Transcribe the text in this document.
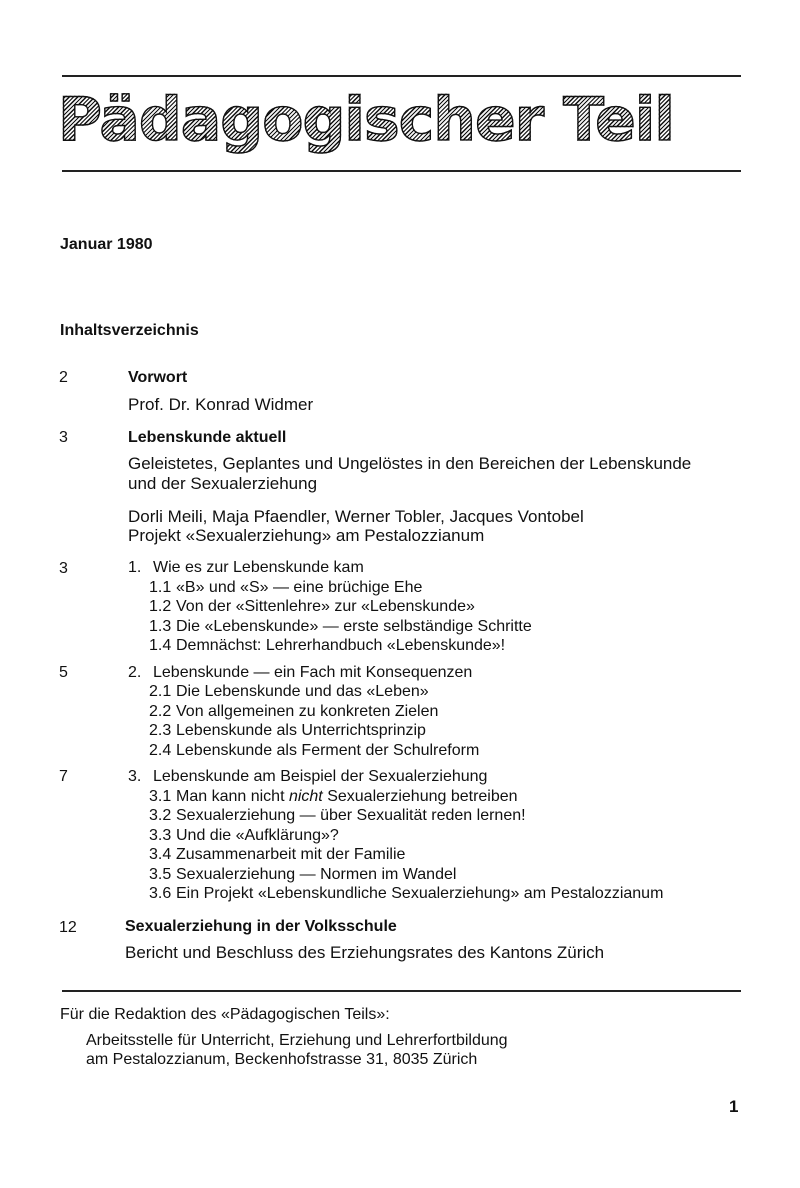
Pädagogischer Teil
Januar 1980
Inhaltsverzeichnis
2	Vorwort
Prof. Dr. Konrad Widmer
3	Lebenskunde aktuell
Geleistetes, Geplantes und Ungelöstes in den Bereichen der Lebenskunde
und der Sexualerziehung
Dorli Meili, Maja Pfaendler, Werner Tobler, Jacques Vontobel
Projekt «Sexualerziehung» am Pestalozzianum
3	1. Wie es zur Lebenskunde kam
1.1 «B» und «S» — eine brüchige Ehe
1.2 Von der «Sittenlehre» zur «Lebenskunde»
1.3 Die «Lebenskunde» — erste selbständige Schritte
1.4 Demnächst: Lehrerhandbuch «Lebenskunde»!
5	2. Lebenskunde — ein Fach mit Konsequenzen
2.1 Die Lebenskunde und das «Leben»
2.2 Von allgemeinen zu konkreten Zielen
2.3 Lebenskunde als Unterrichtsprinzip
2.4 Lebenskunde als Ferment der Schulreform
7	3. Lebenskunde am Beispiel der Sexualerziehung
3.1 Man kann nicht nicht Sexualerziehung betreiben
3.2 Sexualerziehung — über Sexualität reden lernen!
3.3 Und die «Aufklärung»?
3.4 Zusammenarbeit mit der Familie
3.5 Sexualerziehung — Normen im Wandel
3.6 Ein Projekt «Lebenskundliche Sexualerziehung» am Pestalozzianum
12	Sexualerziehung in der Volksschule
Bericht und Beschluss des Erziehungsrates des Kantons Zürich
Für die Redaktion des «Pädagogischen Teils»:
Arbeitsstelle für Unterricht, Erziehung und Lehrerfortbildung
am Pestalozzianum, Beckenhofstrasse 31, 8035 Zürich
1
